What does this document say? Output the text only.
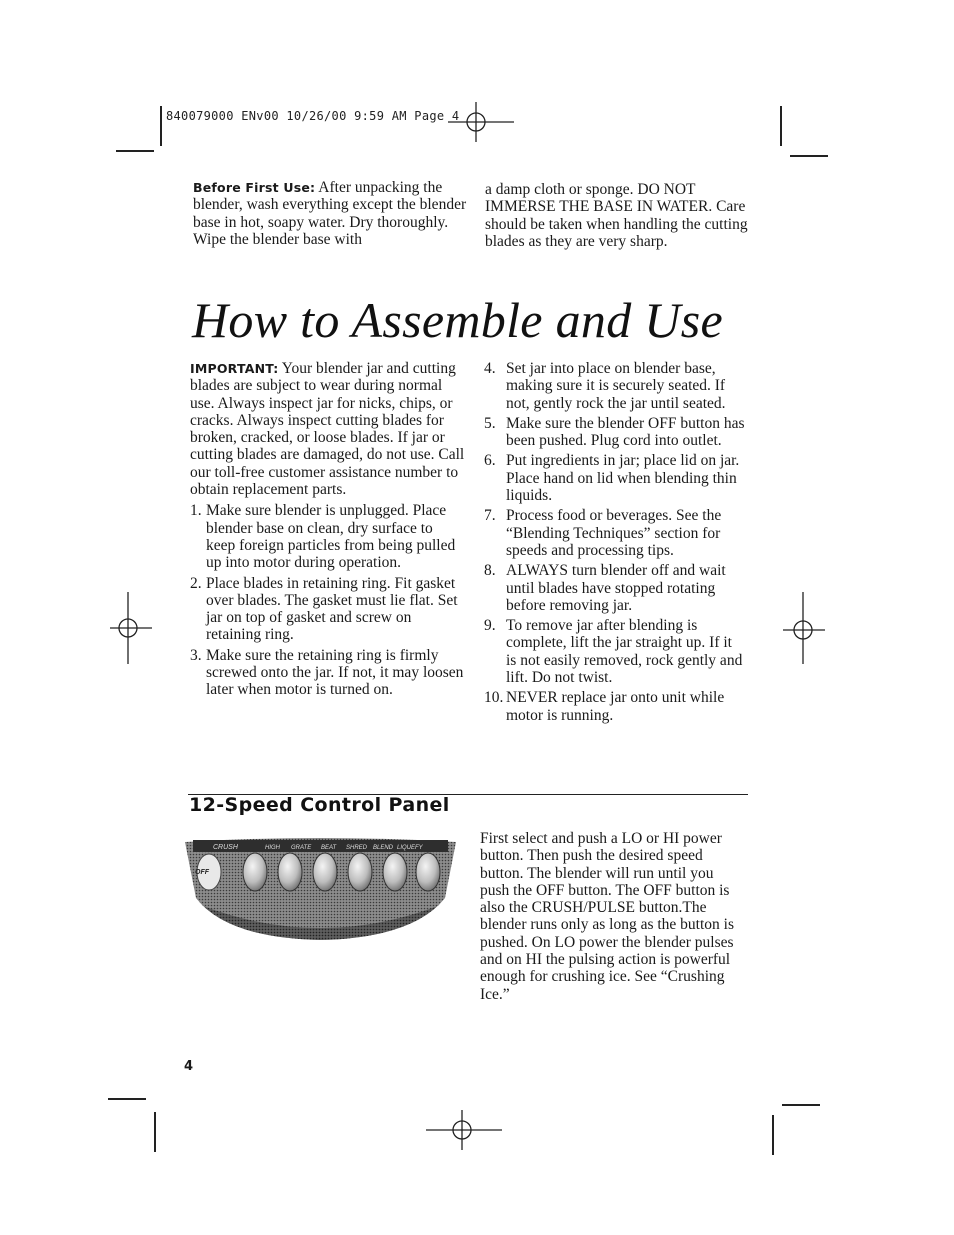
840079000 ENv00 10/26/00 9:59 AM Page 4
Before First Use: After unpacking the blender, wash everything except the blender base in hot, soapy water. Dry thoroughly. Wipe the blender base with
a damp cloth or sponge. DO NOT IMMERSE THE BASE IN WATER. Care should be taken when handling the cutting blades as they are very sharp.
How to Assemble and Use

IMPORTANT: Your blender jar and cutting blades are subject to wear during normal use. Always inspect jar for nicks, chips, or cracks. Always inspect cutting blades for broken, cracked, or loose blades. If jar or cutting blades are damaged, do not use. Call our toll-free customer assistance number to obtain replacement parts.

1. Make sure blender is unplugged. Place blender base on clean, dry surface to keep foreign particles from being pulled up into motor during operation.
2. Place blades in retaining ring. Fit gasket over blades. The gasket must lie flat. Set jar on top of gasket and screw on retaining ring.
3. Make sure the retaining ring is firmly screwed onto the jar. If not, it may loosen later when motor is turned on.
4. Set jar into place on blender base, making sure it is securely seated. If not, gently rock the jar until seated.
5. Make sure the blender OFF button has been pushed. Plug cord into outlet.
6. Put ingredients in jar; place lid on jar. Place hand on lid when blending thin liquids.
7. Process food or beverages. See the “Blending Techniques” section for speeds and processing tips.
8. ALWAYS turn blender off and wait until blades have stopped rotating before removing jar.
9. To remove jar after blending is complete, lift the jar straight up. If it is not easily removed, rock gently and lift. Do not twist.
10. NEVER replace jar onto unit while motor is running.
12-Speed Control Panel
CRUSH	HIGH GRATE BEAT SHRED BLEND LIQUEFY
OFF
First select and push a LO or HI power button. Then push the desired speed button. The blender will run until you push the OFF button. The OFF button is also the CRUSH/PULSE button.The blender runs only as long as the button is pushed. On LO power the blender pulses and on HI the pulsing action is powerful enough for crushing ice. See “Crushing Ice.”
4
